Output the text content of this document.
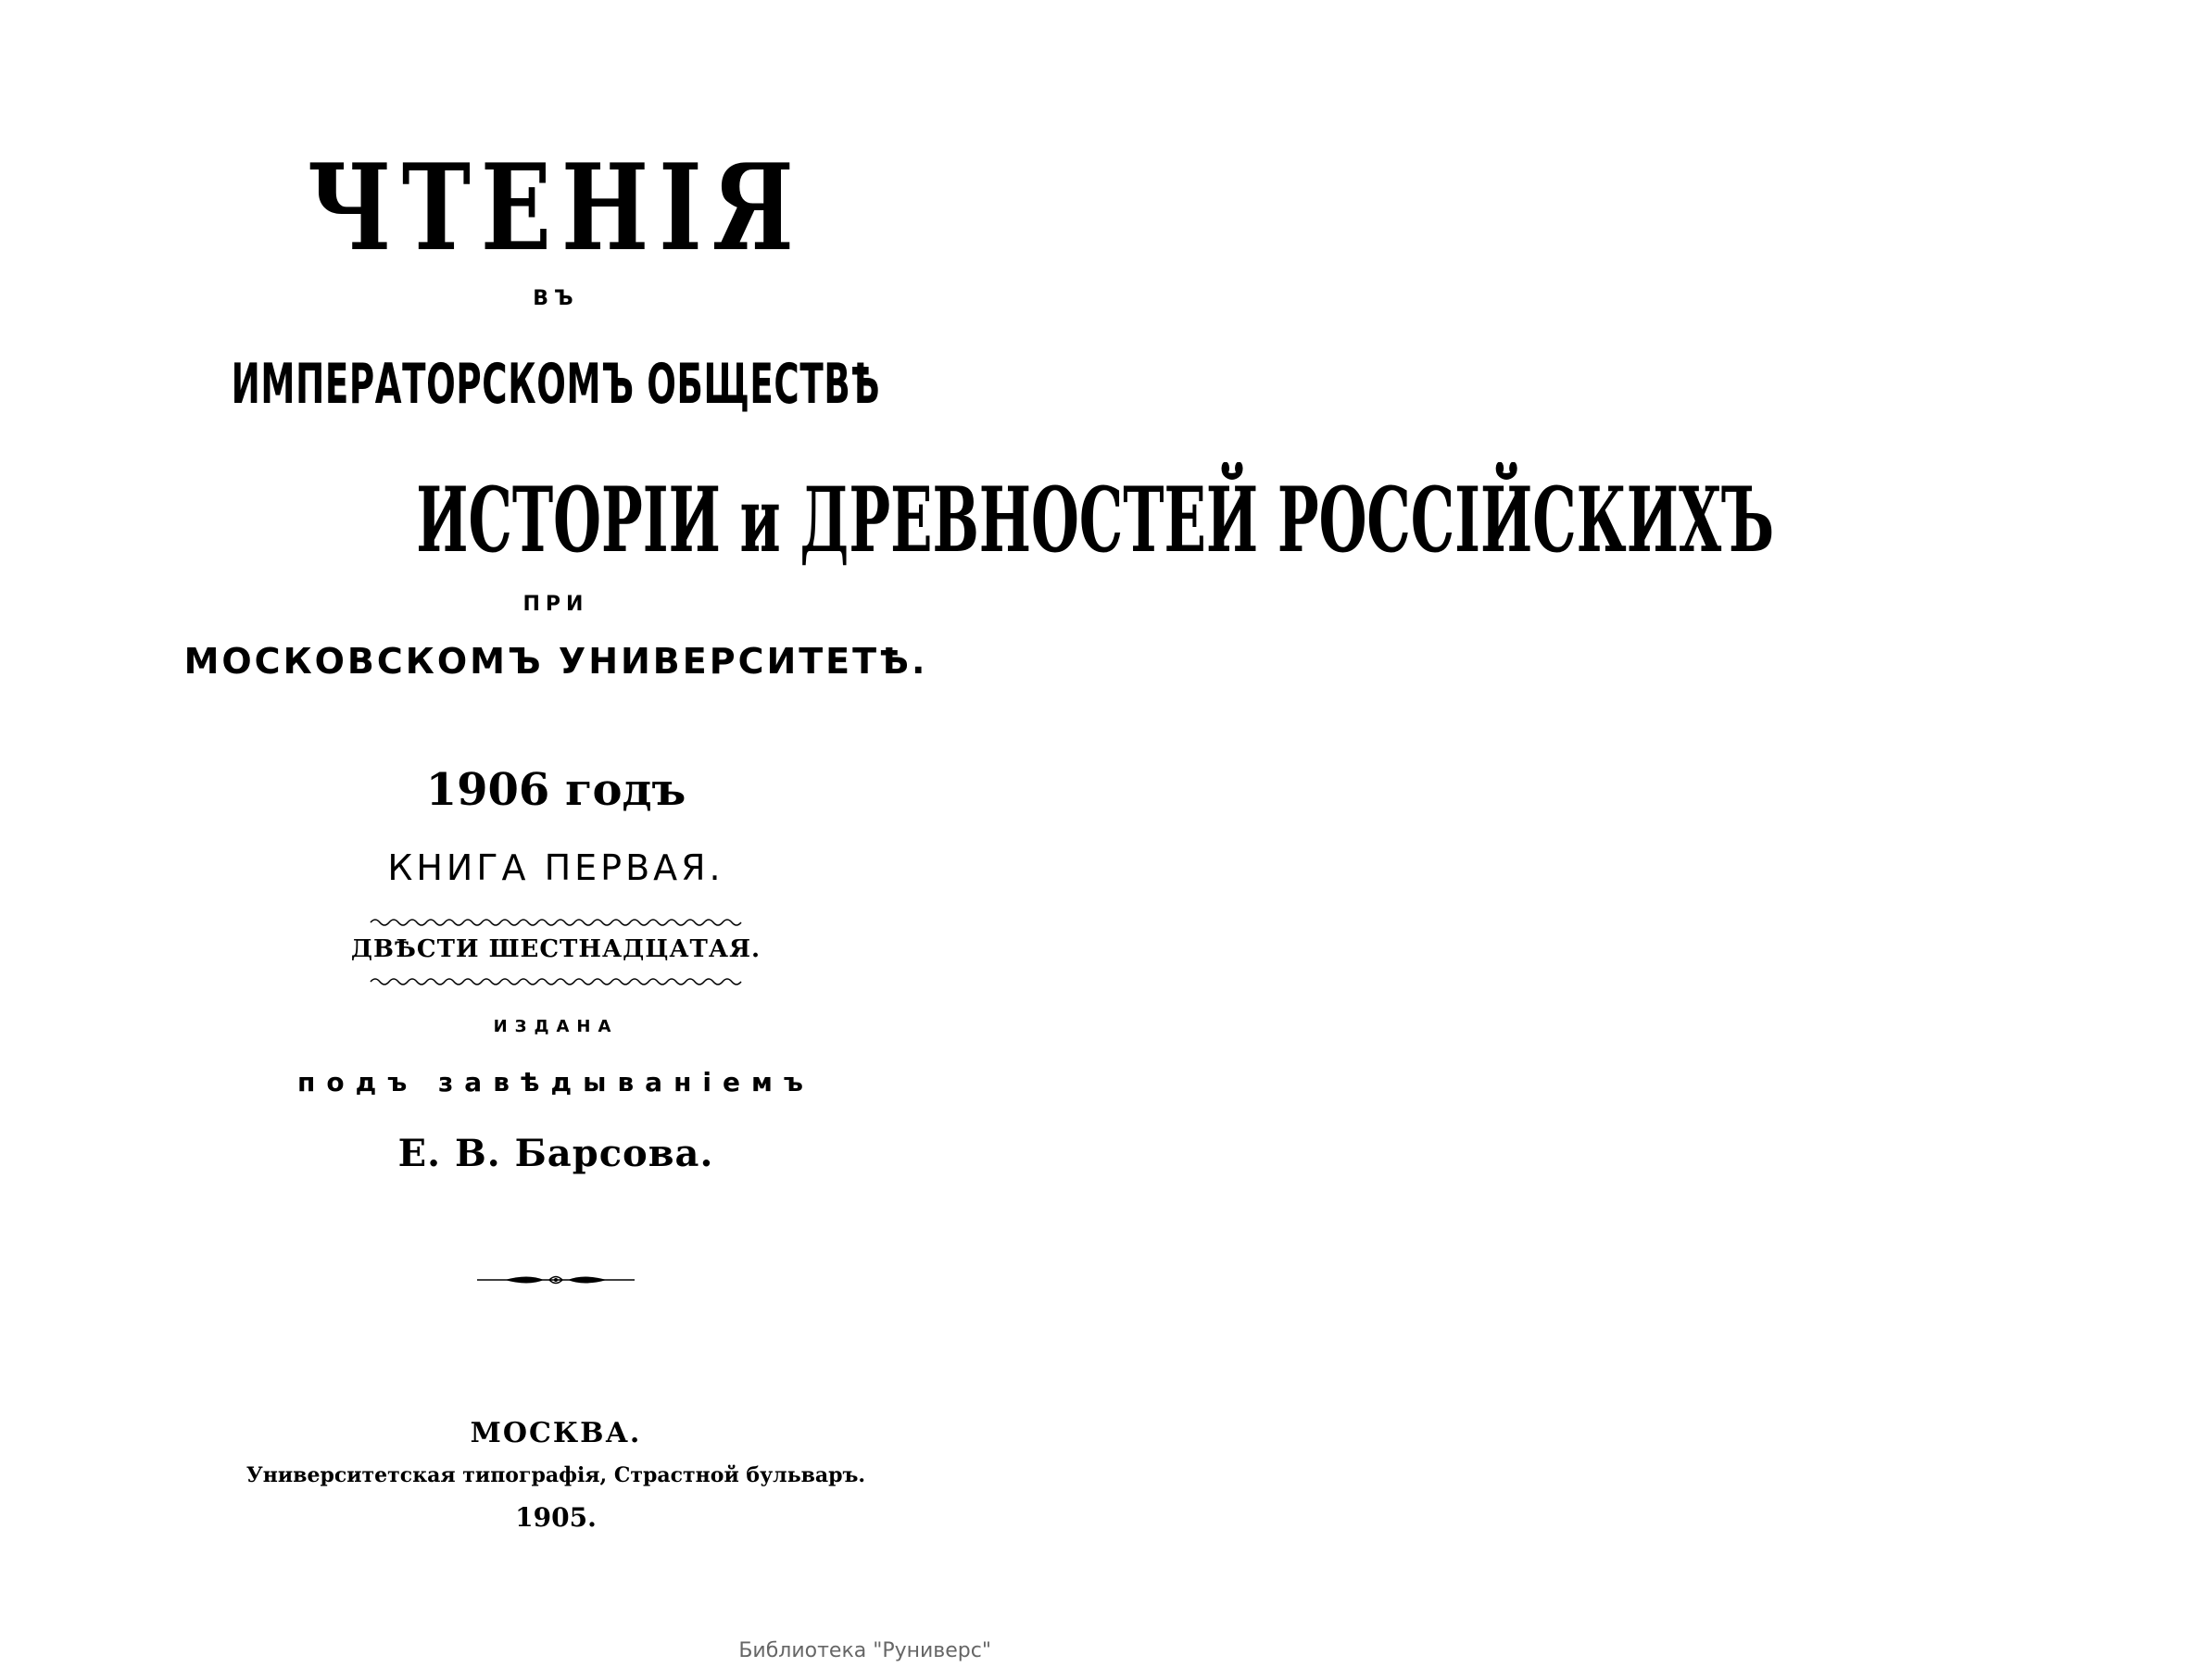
ЧТЕНІЯ
ВЪ
ИМПЕРАТОРСКОМЪ ОБЩЕСТВѢ
ИСТОРІИ и ДРЕВНОСТЕЙ РОССІЙСКИХЪ
ПРИ
МОСКОВСКОМЪ УНИВЕРСИТЕТѢ.
1906 годъ
КНИГА ПЕРВАЯ.
ДВѢСТИ ШЕСТНАДЦАТАЯ.
ИЗДАНА
подъ завѣдываніемъ
Е. В. Барсова.
МОСКВА.
Университетская типографія, Страстной бульваръ.
1905.
Библиотека "Руниверс"
